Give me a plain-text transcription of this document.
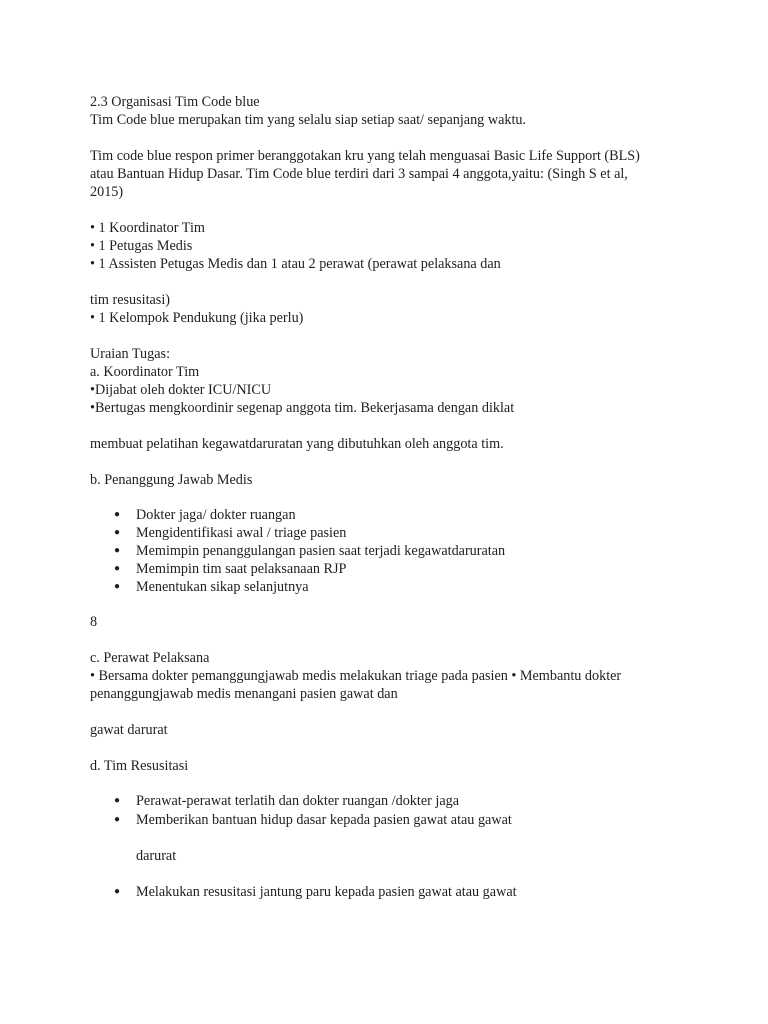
2.3 Organisasi Tim Code blue
Tim Code blue merupakan tim yang selalu siap setiap saat/ sepanjang waktu.
Tim code blue respon primer beranggotakan kru yang telah menguasai Basic Life Support (BLS)
atau Bantuan Hidup Dasar. Tim Code blue terdiri dari 3 sampai 4 anggota,yaitu: (Singh S et al,
2015)
• 1 Koordinator Tim
• 1 Petugas Medis
• 1 Assisten Petugas Medis dan 1 atau 2 perawat (perawat pelaksana dan
tim resusitasi)
• 1 Kelompok Pendukung (jika perlu)
Uraian Tugas:
a. Koordinator Tim
•Dijabat oleh dokter ICU/NICU
•Bertugas mengkoordinir segenap anggota tim. Bekerjasama dengan diklat
membuat pelatihan kegawatdaruratan yang dibutuhkan oleh anggota tim.
b. Penanggung Jawab Medis
● Dokter jaga/ dokter ruangan
● Mengidentifikasi awal / triage pasien
● Memimpin penanggulangan pasien saat terjadi kegawatdaruratan
● Memimpin tim saat pelaksanaan RJP
● Menentukan sikap selanjutnya
8
c. Perawat Pelaksana
• Bersama dokter pemanggungjawab medis melakukan triage pada pasien • Membantu dokter
penanggungjawab medis menangani pasien gawat dan
gawat darurat
d. Tim Resusitasi
● Perawat-perawat terlatih dan dokter ruangan /dokter jaga
● Memberikan bantuan hidup dasar kepada pasien gawat atau gawat
darurat
● Melakukan resusitasi jantung paru kepada pasien gawat atau gawat
